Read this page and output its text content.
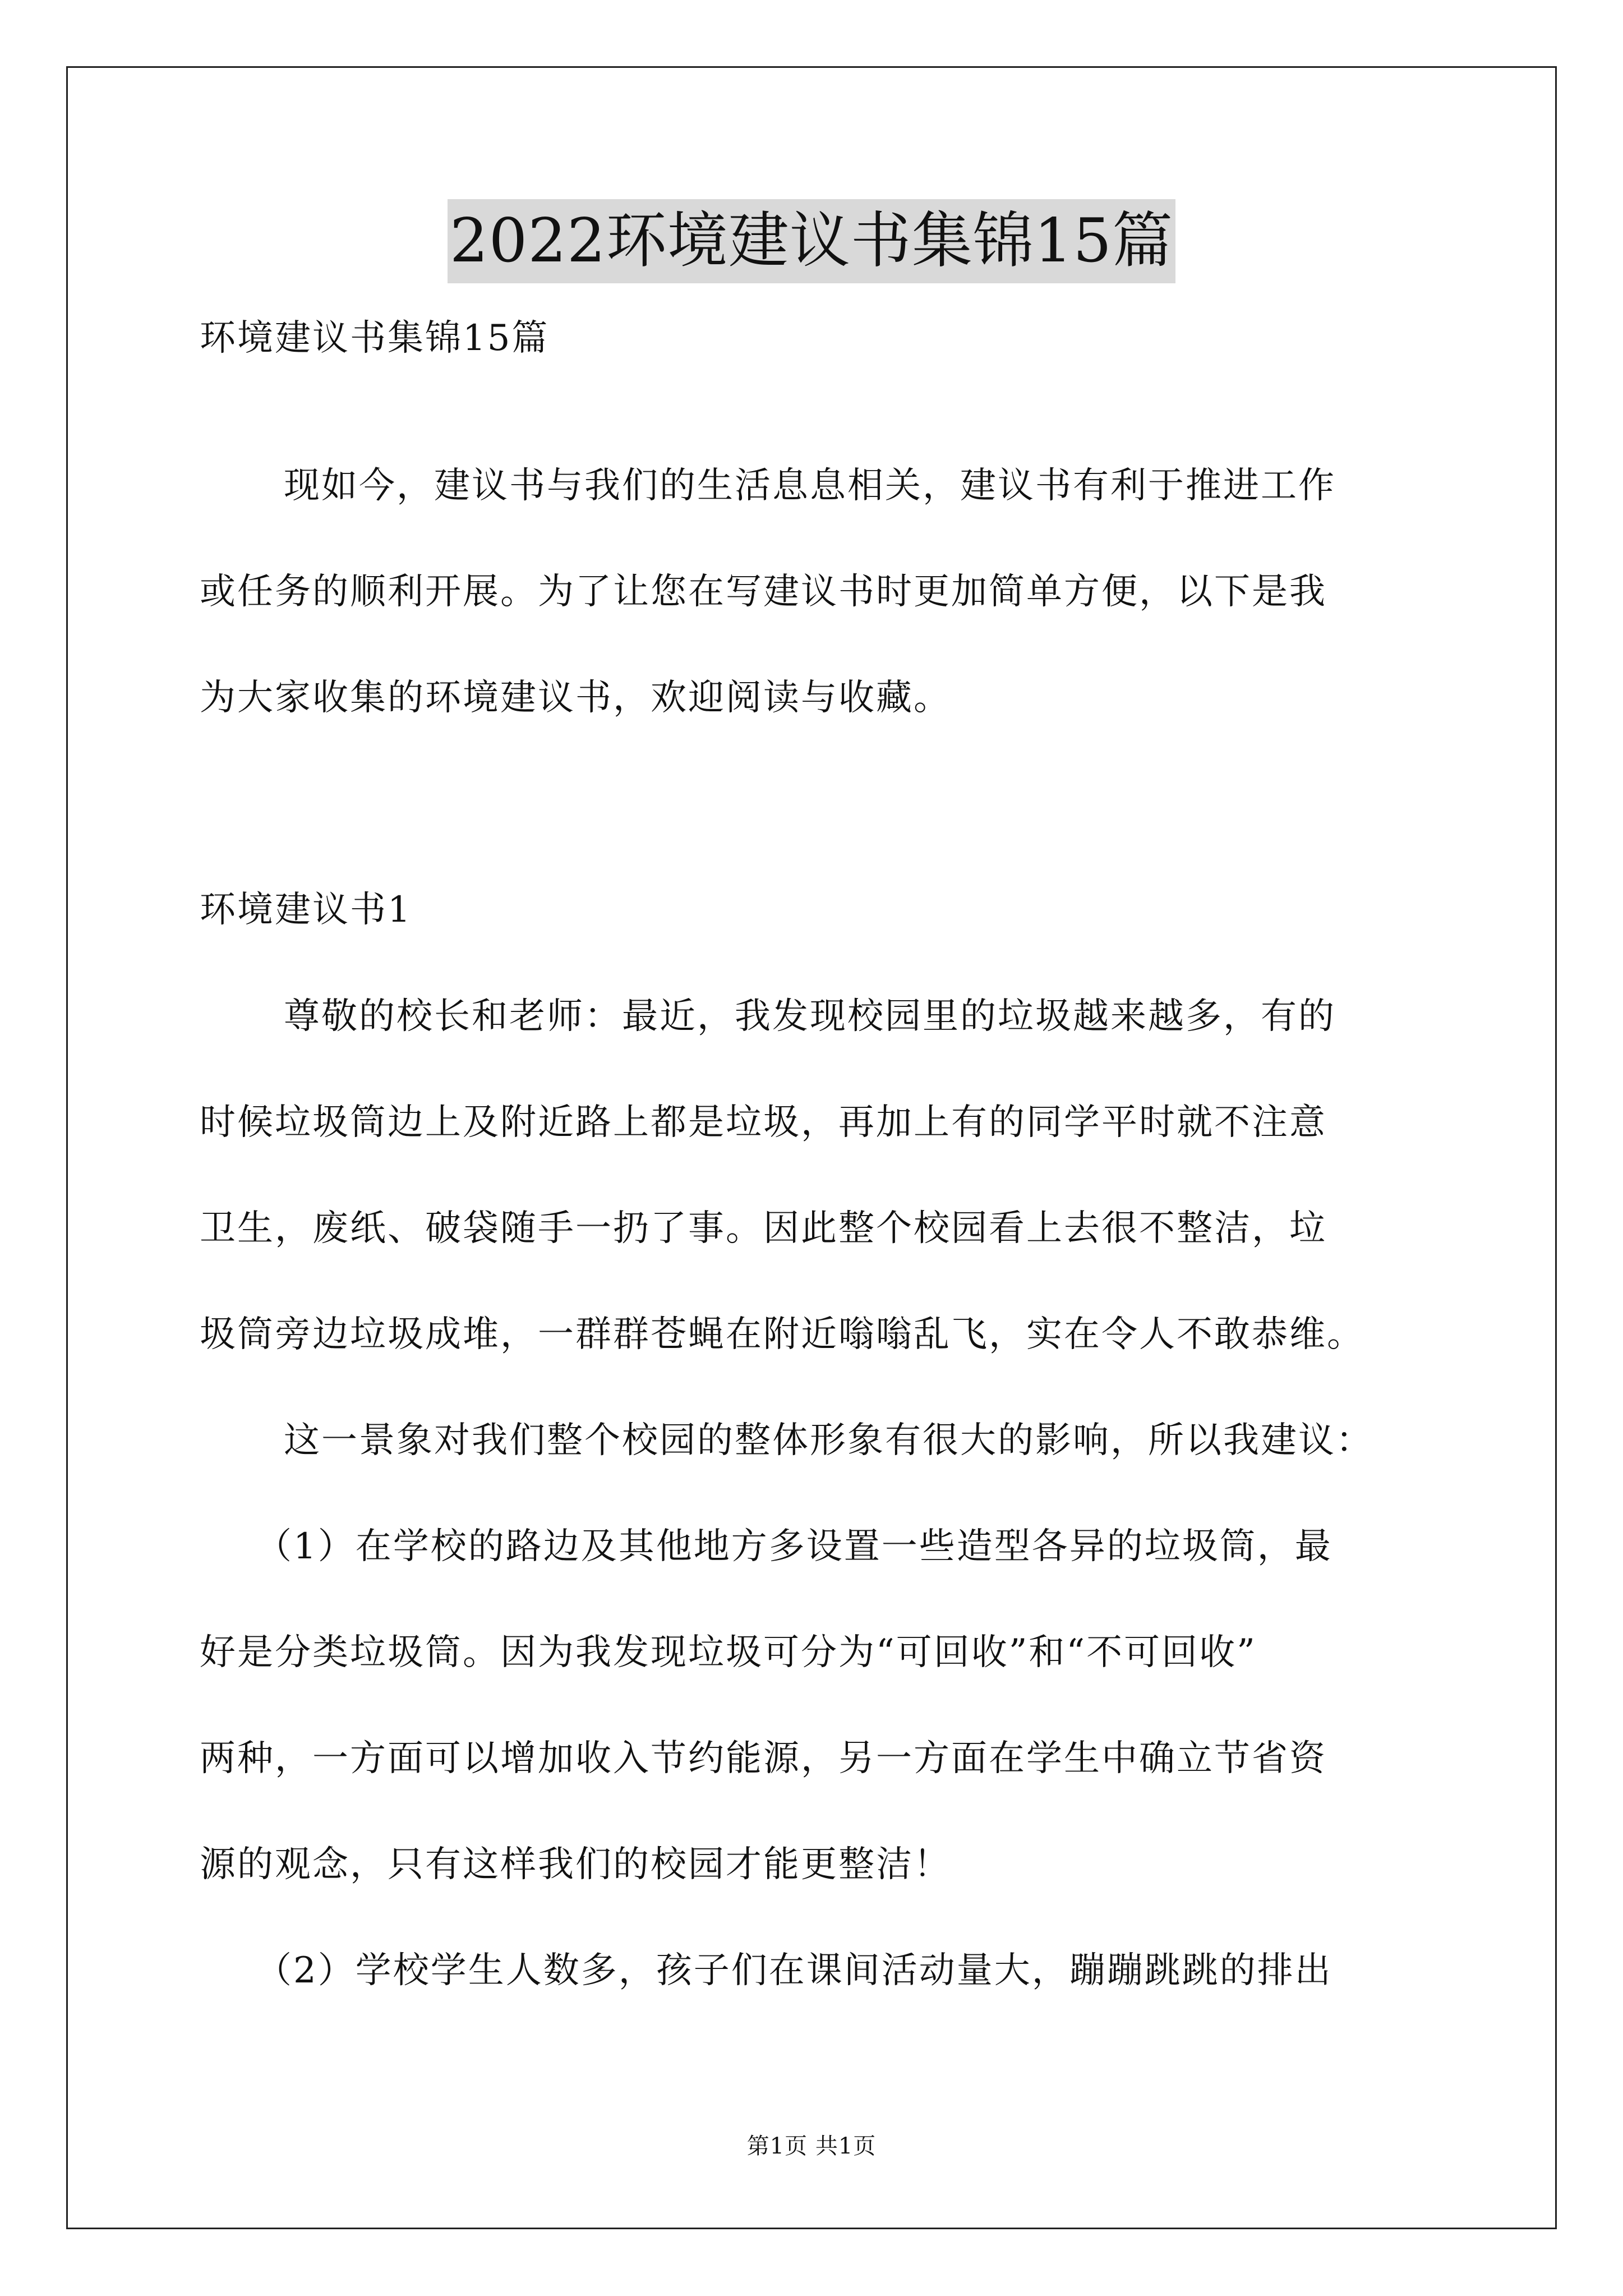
2022环境建议书集锦15篇
环境建议书集锦15篇
现如今，建议书与我们的生活息息相关，建议书有利于推进工作
或任务的顺利开展。为了让您在写建议书时更加简单方便，以下是我
为大家收集的环境建议书，欢迎阅读与收藏。
环境建议书1
尊敬的校长和老师：最近，我发现校园里的垃圾越来越多，有的
时候垃圾筒边上及附近路上都是垃圾，再加上有的同学平时就不注意
卫生，废纸、破袋随手一扔了事。因此整个校园看上去很不整洁，垃
圾筒旁边垃圾成堆，一群群苍蝇在附近嗡嗡乱飞，实在令人不敢恭维。
这一景象对我们整个校园的整体形象有很大的影响，所以我建议：
（1）在学校的路边及其他地方多设置一些造型各异的垃圾筒，最
好是分类垃圾筒。因为我发现垃圾可分为“可回收”和“不可回收”
两种，一方面可以增加收入节约能源，另一方面在学生中确立节省资
源的观念，只有这样我们的校园才能更整洁！
（2）学校学生人数多，孩子们在课间活动量大，蹦蹦跳跳的排出
第1页 共1页
